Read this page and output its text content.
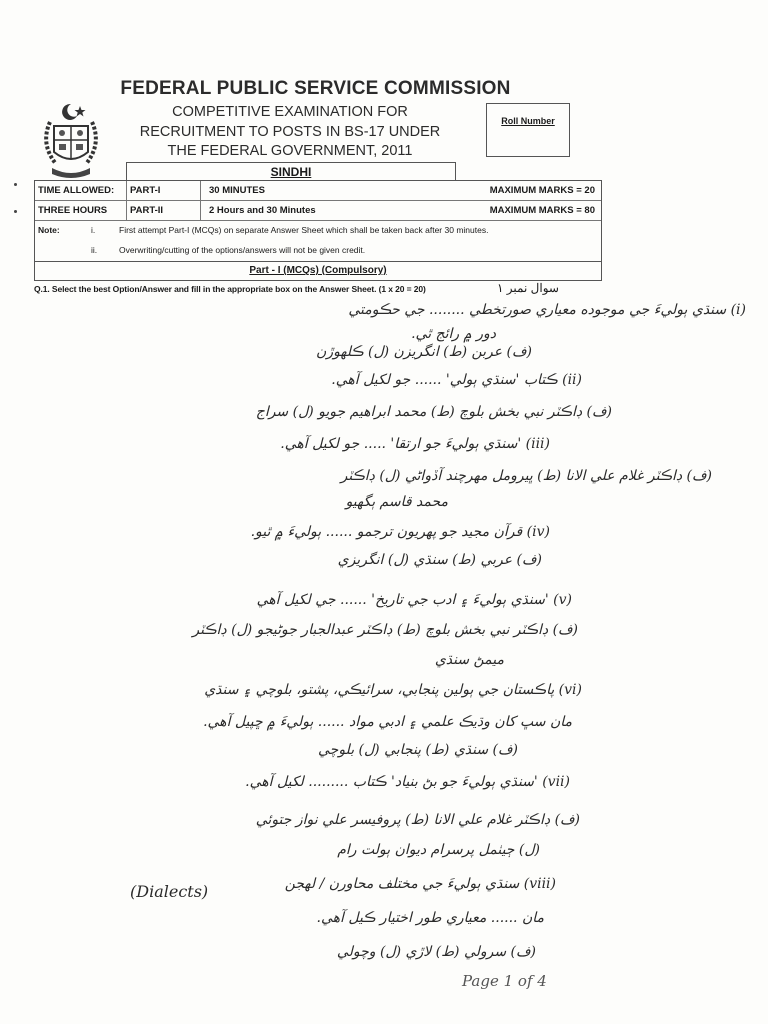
FEDERAL PUBLIC SERVICE COMMISSION
COMPETITIVE EXAMINATION FOR
RECRUITMENT TO POSTS IN BS-17 UNDER
THE FEDERAL GOVERNMENT, 2011
Roll Number
SINDHI
TIME ALLOWED:	PART-I	30 MINUTES	MAXIMUM MARKS = 20
THREE HOURS	PART-II	2 Hours and 30 Minutes	MAXIMUM MARKS = 80
Note:	i.	First attempt Part-I (MCQs) on separate Answer Sheet which shall be taken back after 30 minutes.
ii.	Overwriting/cutting of the options/answers will not be given credit.
Part - I (MCQs) (Compulsory)
Q.1. Select the best Option/Answer and fill in the appropriate box on the Answer Sheet. (1 x 20 = 20)	سوال نمبر ١
(i) سنڌي ٻوليءَ جي موجوده معياري صورتخطي ........ جي حڪومتي
دور ۾ رائج ٿي.
(ف) عربن (ط) انگريزن (ل) ڪلهوڙن
(ii) ڪتاب 'سنڌي ٻولي' ...... جو لکيل آهي.
(ف) ڊاڪٽر نبي بخش بلوچ (ط) محمد ابراهيم جويو (ل) سراج
(iii) 'سنڌي ٻوليءَ جو ارتقا' ..... جو لکيل آهي.
(ف) ڊاڪٽر غلام علي الانا (ط) ڀيرومل مهرچند آڏواڻي (ل) ڊاڪٽر
محمد قاسم ٻگهيو
(iv) قرآن مجيد جو پهريون ترجمو ...... ٻوليءَ ۾ ٿيو.
(ف) عربي (ط) سنڌي (ل) انگريزي
(v) 'سنڌي ٻوليءَ ۽ ادب جي تاريخ' ...... جي لکيل آهي
(ف) ڊاڪٽر نبي بخش بلوچ (ط) ڊاڪٽر عبدالجبار جوڻيجو (ل) ڊاڪٽر
ميمڻ سنڌي
(vi) پاڪستان جي ٻولين پنجابي، سرائيڪي، پشتو، بلوچي ۽ سنڌي
مان سڀ کان وڌيڪ علمي ۽ ادبي مواد ...... ٻوليءَ ۾ ڇپيل آهي.
(ف) سنڌي (ط) پنجابي (ل) بلوچي
(vii) 'سنڌي ٻوليءَ جو بڻ بنياد' ڪتاب ......... لکيل آهي.
(ف) ڊاڪٽر غلام علي الانا (ط) پروفيسر علي نواز جتوئي
(ل) ڄيٺمل پرسرام ديوان ٻولت رام
(viii) سنڌي ٻوليءَ جي مختلف محاورن / لهجن
(Dialects)
مان ...... معياري طور اختيار ڪيل آهي.
(ف) سرولي (ط) لاڙي (ل) وچولي
Page 1 of 4
